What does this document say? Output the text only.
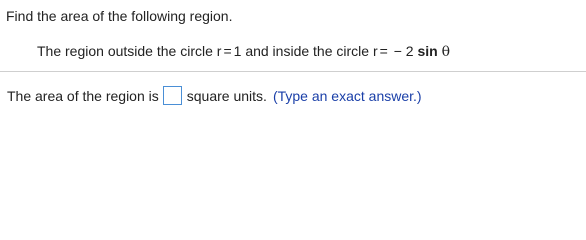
Find the area of the following region.
The region outside the circle r = 1 and inside the circle r = − 2 sin θ
The area of the region is square units. (Type an exact answer.)
